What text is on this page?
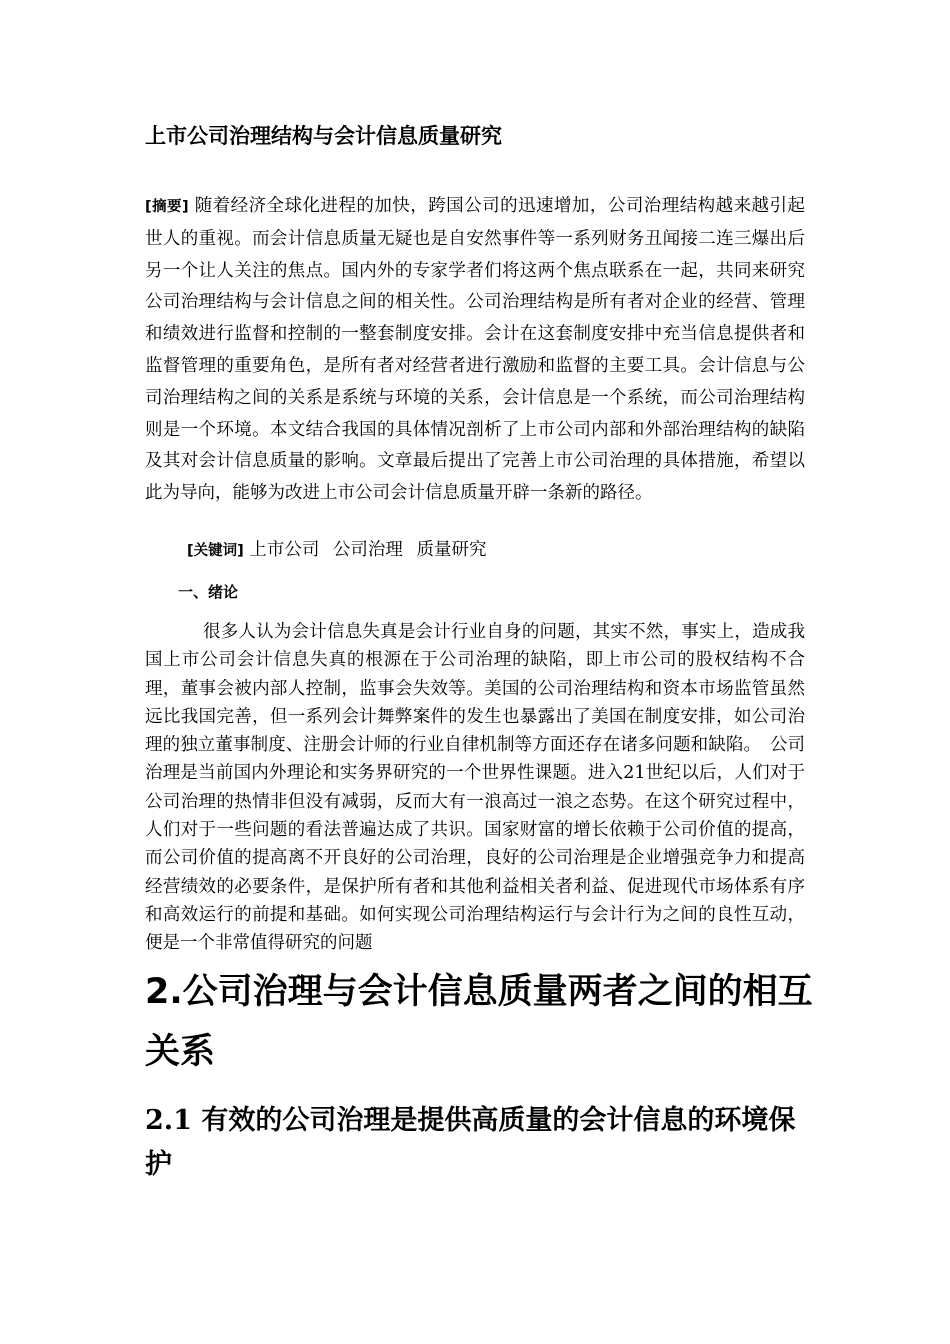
上市公司治理结构与会计信息质量研究
[摘要] 随着经济全球化进程的加快，跨国公司的迅速增加，公司治理结构越来越引起世人的重视。而会计信息质量无疑也是自安然事件等一系列财务丑闻接二连三爆出后另一个让人关注的焦点。国内外的专家学者们将这两个焦点联系在一起，共同来研究公司治理结构与会计信息之间的相关性。公司治理结构是所有者对企业的经营、管理和绩效进行监督和控制的一整套制度安排。会计在这套制度安排中充当信息提供者和监督管理的重要角色，是所有者对经营者进行激励和监督的主要工具。会计信息与公司治理结构之间的关系是系统与环境的关系，会计信息是一个系统，而公司治理结构则是一个环境。本文结合我国的具体情况剖析了上市公司内部和外部治理结构的缺陷及其对会计信息质量的影响。文章最后提出了完善上市公司治理的具体措施，希望以此为导向，能够为改进上市公司会计信息质量开辟一条新的路径。
[关键词] 上市公司 公司治理 质量研究
一、绪论
很多人认为会计信息失真是会计行业自身的问题，其实不然，事实上，造成我国上市公司会计信息失真的根源在于公司治理的缺陷，即上市公司的股权结构不合理，董事会被内部人控制，监事会失效等。美国的公司治理结构和资本市场监管虽然远比我国完善，但一系列会计舞弊案件的发生也暴露出了美国在制度安排，如公司治理的独立董事制度、注册会计师的行业自律机制等方面还存在诸多问题和缺陷。　公司治理是当前国内外理论和实务界研究的一个世界性课题。进入21世纪以后，人们对于公司治理的热情非但没有减弱，反而大有一浪高过一浪之态势。在这个研究过程中，人们对于一些问题的看法普遍达成了共识。国家财富的增长依赖于公司价值的提高，而公司价值的提高离不开良好的公司治理，良好的公司治理是企业增强竞争力和提高经营绩效的必要条件，是保护所有者和其他利益相关者利益、促进现代市场体系有序和高效运行的前提和基础。如何实现公司治理结构运行与会计行为之间的良性互动，便是一个非常值得研究的问题
2.公司治理与会计信息质量两者之间的相互关系
2.1 有效的公司治理是提供高质量的会计信息的环境保护
